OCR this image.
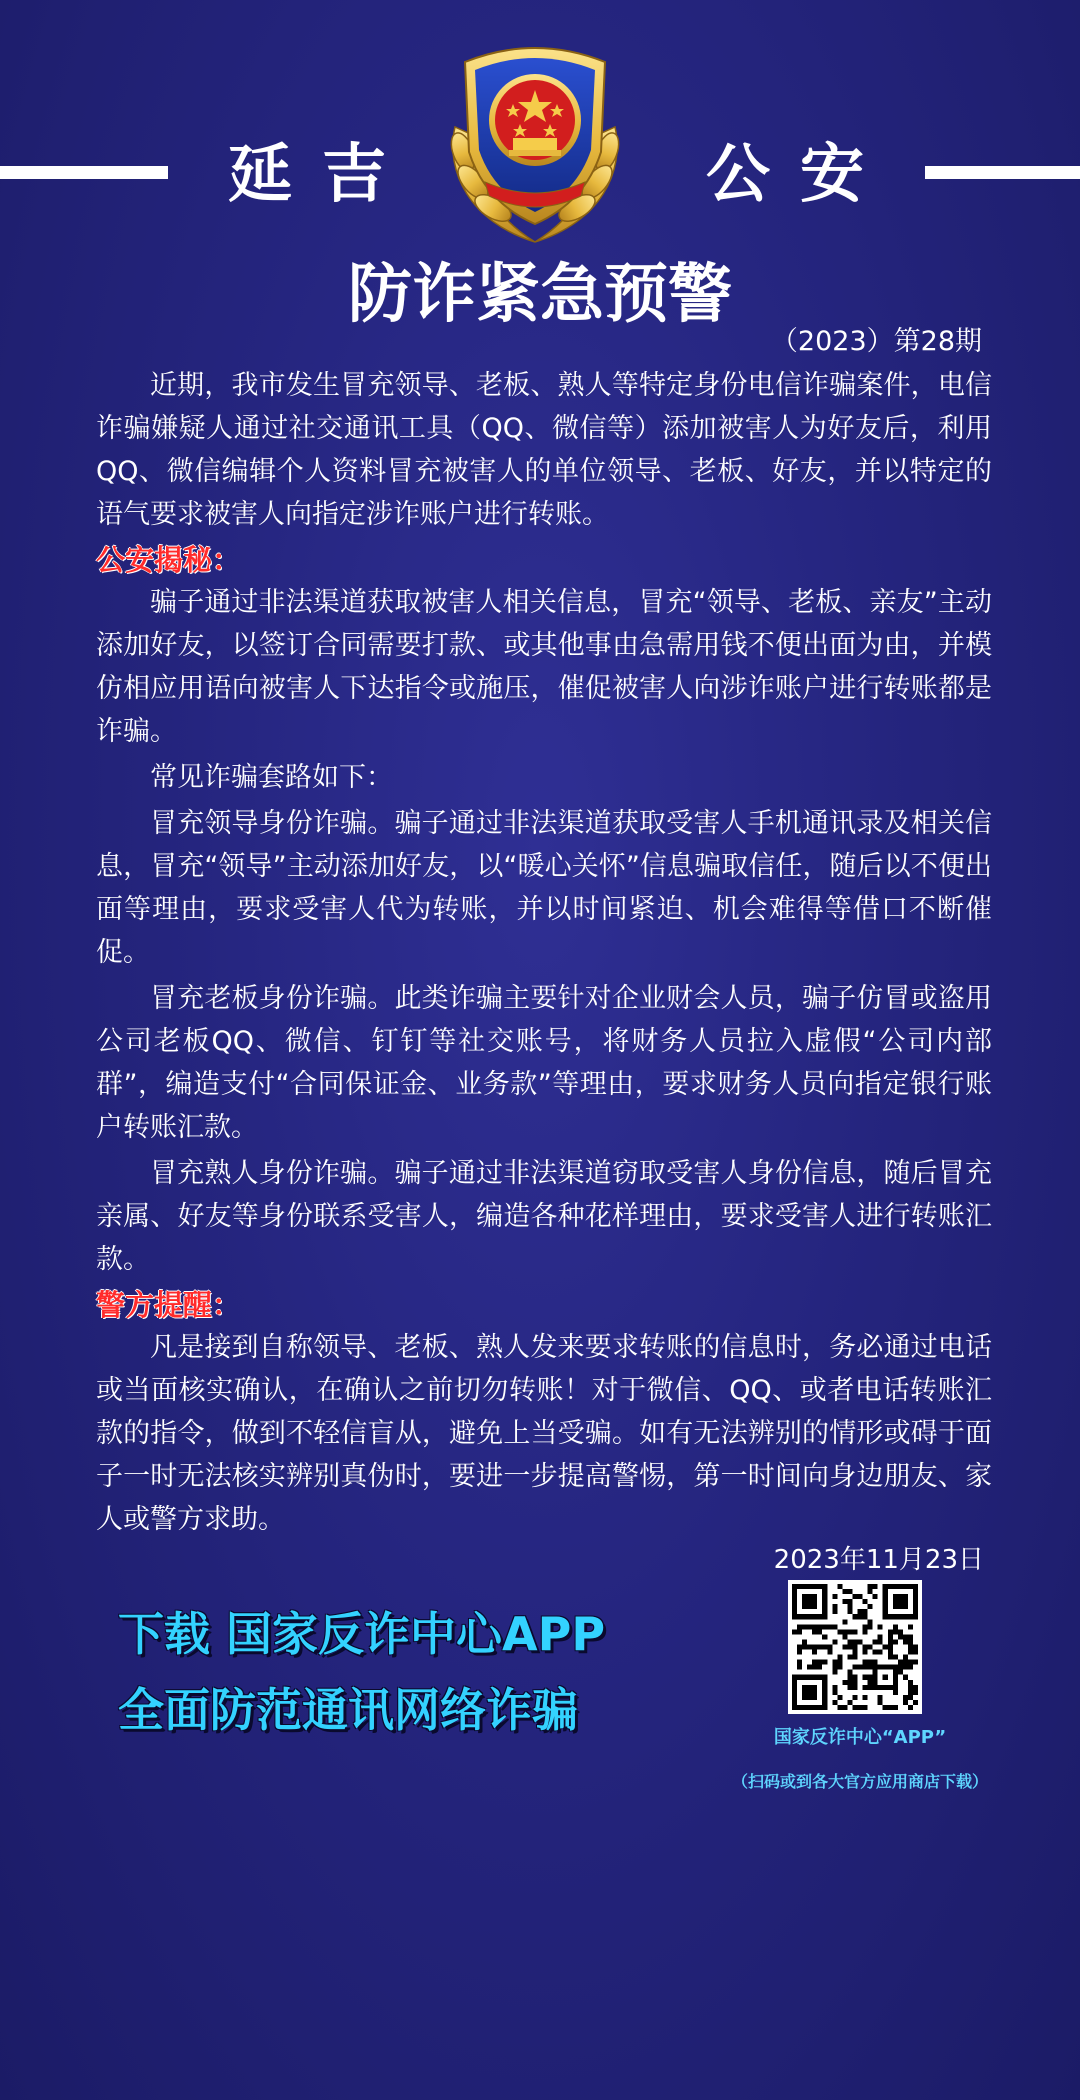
延吉	公安
防诈紧急预警
（2023）第28期

近期，我市发生冒充领导、老板、熟人等特定身份电信诈骗案件，电信诈骗嫌疑人通过社交通讯工具（QQ、微信等）添加被害人为好友后，利用QQ、微信编辑个人资料冒充被害人的单位领导、老板、好友，并以特定的语气要求被害人向指定涉诈账户进行转账。

公安揭秘：

骗子通过非法渠道获取被害人相关信息，冒充“领导、老板、亲友”主动添加好友，以签订合同需要打款、或其他事由急需用钱不便出面为由，并模仿相应用语向被害人下达指令或施压，催促被害人向涉诈账户进行转账都是诈骗。

常见诈骗套路如下：

冒充领导身份诈骗。骗子通过非法渠道获取受害人手机通讯录及相关信息，冒充“领导”主动添加好友，以“暖心关怀”信息骗取信任，随后以不便出面等理由，要求受害人代为转账，并以时间紧迫、机会难得等借口不断催促。

冒充老板身份诈骗。此类诈骗主要针对企业财会人员，骗子仿冒或盗用公司老板QQ、微信、钉钉等社交账号，将财务人员拉入虚假“公司内部群”，编造支付“合同保证金、业务款”等理由，要求财务人员向指定银行账户转账汇款。

冒充熟人身份诈骗。骗子通过非法渠道窃取受害人身份信息，随后冒充亲属、好友等身份联系受害人，编造各种花样理由，要求受害人进行转账汇款。

警方提醒：

凡是接到自称领导、老板、熟人发来要求转账的信息时，务必通过电话或当面核实确认，在确认之前切勿转账！对于微信、QQ、或者电话转账汇款的指令，做到不轻信盲从，避免上当受骗。如有无法辨别的情形或碍于面子一时无法核实辨别真伪时，要进一步提高警惕，第一时间向身边朋友、家人或警方求助。

2023年11月23日
下载 国家反诈中心APP
全面防范通讯网络诈骗
国家反诈中心“APP”
（扫码或到各大官方应用商店下载）
